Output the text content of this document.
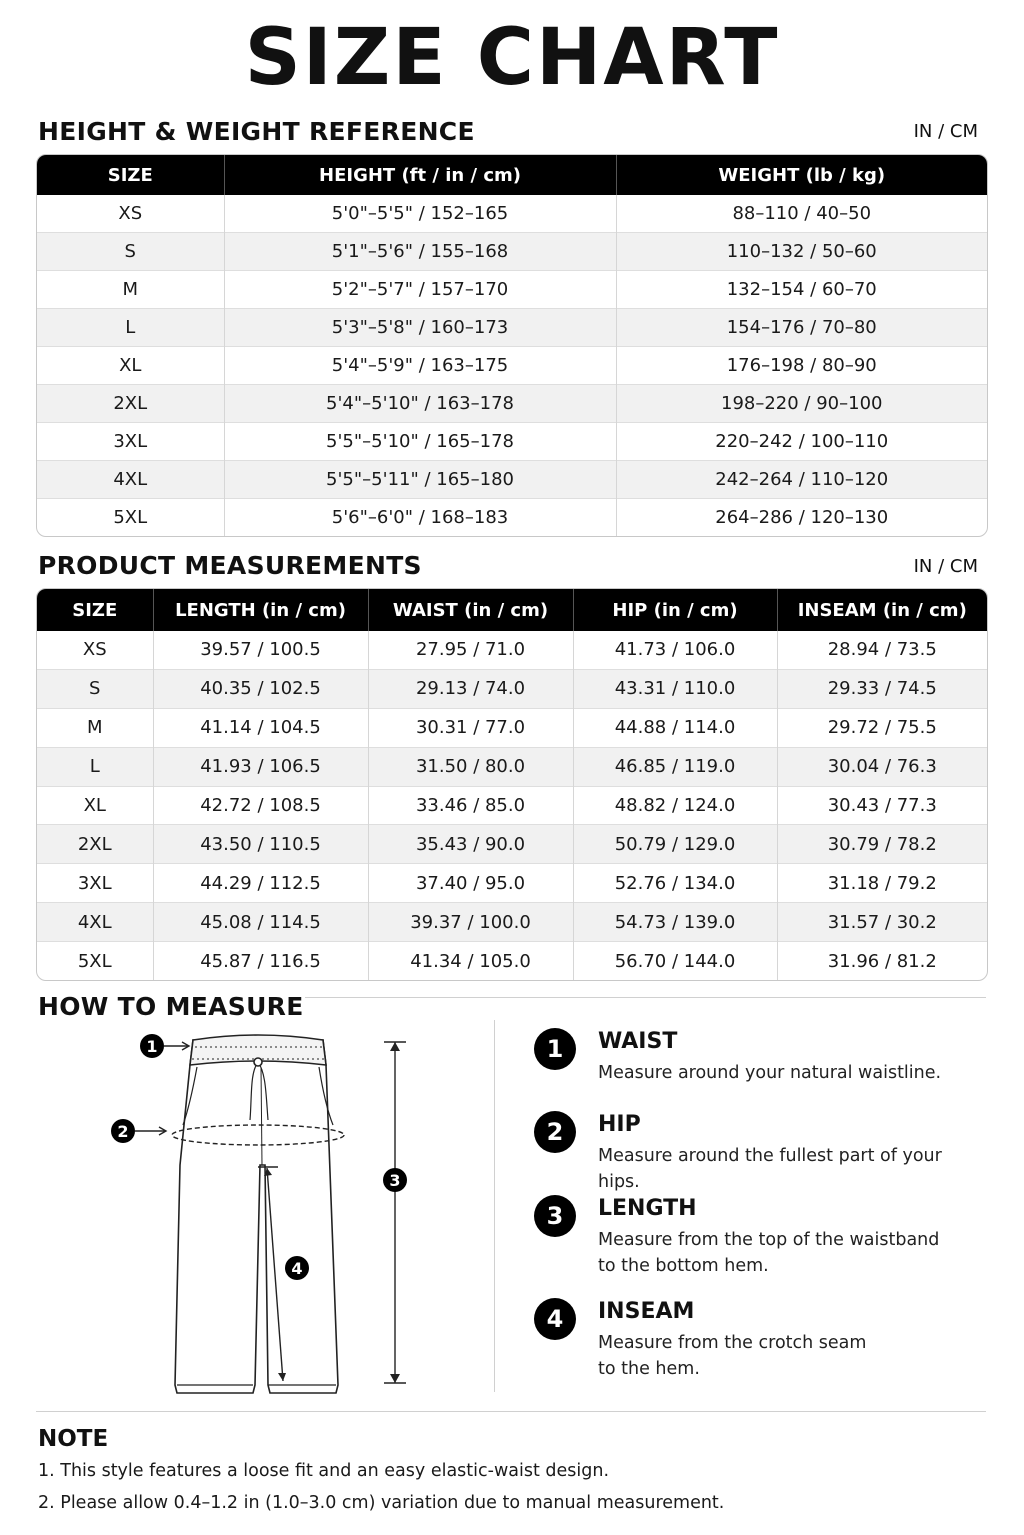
SIZE CHART
HEIGHT & WEIGHT REFERENCE	IN / CM
SIZE	HEIGHT (ft / in / cm)	WEIGHT (lb / kg)
XS	5'0"–5'5" / 152–165	88–110 / 40–50
S	5'1"–5'6" / 155–168	110–132 / 50–60
M	5'2"–5'7" / 157–170	132–154 / 60–70
L	5'3"–5'8" / 160–173	154–176 / 70–80
XL	5'4"–5'9" / 163–175	176–198 / 80–90
2XL	5'4"–5'10" / 163–178	198–220 / 90–100
3XL	5'5"–5'10" / 165–178	220–242 / 100–110
4XL	5'5"–5'11" / 165–180	242–264 / 110–120
5XL	5'6"–6'0" / 168–183	264–286 / 120–130
PRODUCT MEASUREMENTS	IN / CM
SIZE	LENGTH (in / cm)	WAIST (in / cm)	HIP (in / cm)	INSEAM (in / cm)
XS	39.57 / 100.5	27.95 / 71.0	41.73 / 106.0	28.94 / 73.5
S	40.35 / 102.5	29.13 / 74.0	43.31 / 110.0	29.33 / 74.5
M	41.14 / 104.5	30.31 / 77.0	44.88 / 114.0	29.72 / 75.5
L	41.93 / 106.5	31.50 / 80.0	46.85 / 119.0	30.04 / 76.3
XL	42.72 / 108.5	33.46 / 85.0	48.82 / 124.0	30.43 / 77.3
2XL	43.50 / 110.5	35.43 / 90.0	50.79 / 129.0	30.79 / 78.2
3XL	44.29 / 112.5	37.40 / 95.0	52.76 / 134.0	31.18 / 79.2
4XL	45.08 / 114.5	39.37 / 100.0	54.73 / 139.0	31.57 / 30.2
5XL	45.87 / 116.5	41.34 / 105.0	56.70 / 144.0	31.96 / 81.2
HOW TO MEASURE
1
2
3
4
1	WAIST
Measure around your natural waistline.
2	HIP
Measure around the fullest part of your hips.
3	LENGTH
Measure from the top of the waistband
to the bottom hem.
4	INSEAM
Measure from the crotch seam
to the hem.
NOTE
1. This style features a loose fit and an easy elastic-waist design.
2. Please allow 0.4–1.2 in (1.0–3.0 cm) variation due to manual measurement.
